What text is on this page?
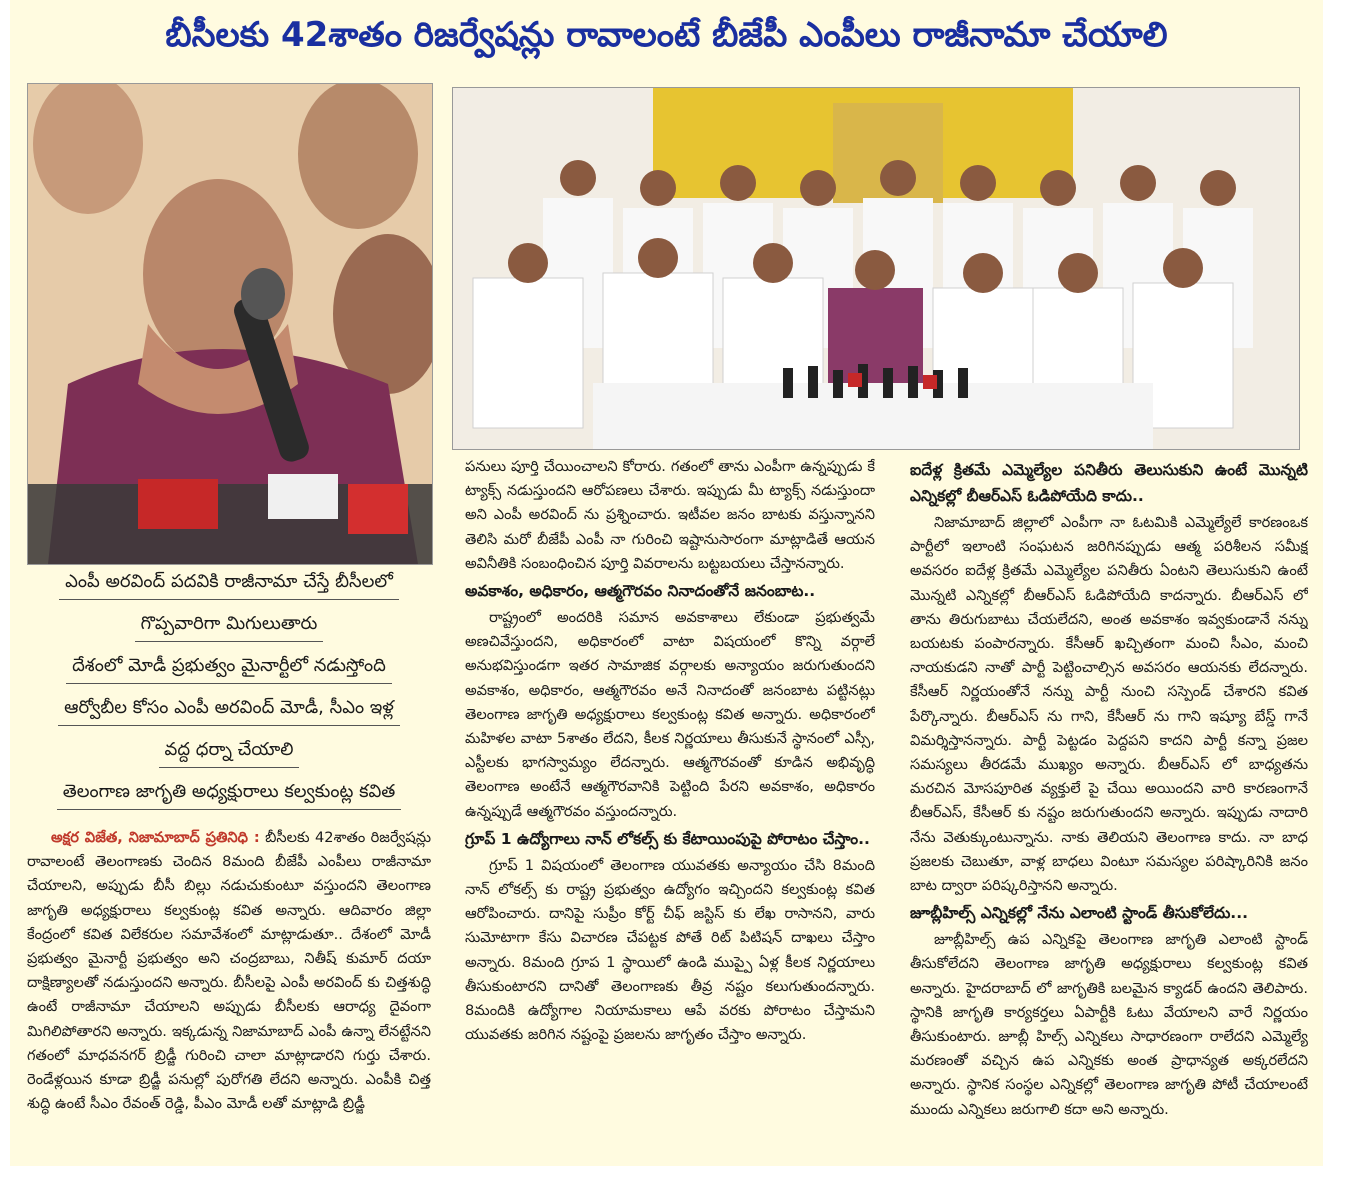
బీసీలకు 42శాతం రిజర్వేషన్లు రావాలంటే బీజేపీ ఎంపీలు రాజీనామా చేయాలి
ఎంపీ అరవింద్ పదవికి రాజీనామా చేస్తే బీసీలలో
గొప్పవారిగా మిగులుతారు
దేశంలో మోడీ ప్రభుత్వం మైనార్టీలో నడుస్తోంది
ఆర్వోబీల కోసం ఎంపీ అరవింద్ మోడీ, సీఎం ఇళ్ల
వద్ద ధర్నా చేయాలి
తెలంగాణ జాగృతి అధ్యక్షురాలు కల్వకుంట్ల కవిత

అక్షర విజేత, నిజామాబాద్ ప్రతినిధి : బీసీలకు 42శాతం రిజర్వేషన్లు రావాలంటే తెలంగాణకు చెందిన 8మంది బీజేపీ ఎంపీలు రాజీనామా చేయాలని, అప్పుడు బీసీ బిల్లు నడుచుకుంటూ వస్తుందని తెలంగాణ జాగృతి అధ్యక్షురాలు కల్వకుంట్ల కవిత అన్నారు. ఆదివారం జిల్లా కేంద్రంలో కవిత విలేకరుల సమావేశంలో మాట్లాడుతూ.. దేశంలో మోడీ ప్రభుత్వం మైనార్టీ ప్రభుత్వం అని చంద్రబాబు, నితీష్ కుమార్ దయా దాక్షిణ్యాలతో నడుస్తుందని అన్నారు. బీసీలపై ఎంపీ అరవింద్ కు చిత్తశుద్ధి ఉంటే రాజీనామా చేయాలని అప్పుడు బీసీలకు ఆరాధ్య దైవంగా మిగిలిపోతారని అన్నారు. ఇక్కడున్న నిజామాబాద్ ఎంపీ ఉన్నా లేనట్టేనని గతంలో మాధవనగర్ బ్రిడ్జీ గురించి చాలా మాట్లాడారని గుర్తు చేశారు. రెండేళ్లయిన కూడా బ్రిడ్జీ పనుల్లో పురోగతి లేదని అన్నారు. ఎంపీకి చిత్త శుద్ధి ఉంటే సీఎం రేవంత్ రెడ్డి, పీఎం మోడీ లతో మాట్లాడి బ్రిడ్జీ

పనులు పూర్తి చేయించాలని కోరారు. గతంలో తాను ఎంపీగా ఉన్నప్పుడు కే ట్యాక్స్ నడుస్తుందని ఆరోపణలు చేశారు. ఇప్పుడు మీ ట్యాక్స్ నడుస్తుందా అని ఎంపీ అరవింద్ ను ప్రశ్నించారు. ఇటీవల జనం బాటకు వస్తున్నానని తెలిసి మరో బీజేపీ ఎంపీ నా గురించి ఇష్టానుసారంగా మాట్లాడితే ఆయన అవినీతికి సంబంధించిన పూర్తి వివరాలను బట్టబయలు చేస్తానన్నారు.

అవకాశం, అధికారం, ఆత్మగౌరవం నినాదంతోనే జనంబాట..

రాష్ట్రంలో అందరికి సమాన అవకాశాలు లేకుండా ప్రభుత్వమే అణచివేస్తుందని, అధికారంలో వాటా విషయంలో కొన్ని వర్గాలే అనుభవిస్తుండగా ఇతర సామాజిక వర్గాలకు అన్యాయం జరుగుతుందని అవకాశం, అధికారం, ఆత్మగౌరవం అనే నినాదంతో జనంబాట పట్టినట్లు తెలంగాణ జాగృతి అధ్యక్షురాలు కల్వకుంట్ల కవిత అన్నారు. అధికారంలో మహిళల వాటా 5శాతం లేదని, కీలక నిర్ణయాలు తీసుకునే స్థానంలో ఎస్సీ, ఎస్టీలకు భాగస్వామ్యం లేదన్నారు. ఆత్మగౌరవంతో కూడిన అభివృద్ధి తెలంగాణ అంటేనే ఆత్మగౌరవానికి పెట్టింది పేరని అవకాశం, అధికారం ఉన్నప్పుడే ఆత్మగౌరవం వస్తుందన్నారు.

గ్రూప్ 1 ఉద్యోగాలు నాన్ లోకల్స్ కు కేటాయింపుపై పోరాటం చేస్తాం..

గ్రూప్ 1 విషయంలో తెలంగాణ యువతకు అన్యాయం చేసి 8మంది నాన్ లోకల్స్ కు రాష్ట్ర ప్రభుత్వం ఉద్యోగం ఇచ్చిందని కల్వకుంట్ల కవిత ఆరోపించారు. దానిపై సుప్రీం కోర్ట్ చీఫ్ జస్టిస్ కు లేఖ రాసానని, వారు సుమోటాగా కేసు విచారణ చేపట్టక పోతే రిట్ పిటిషన్ దాఖలు చేస్తాం అన్నారు. 8మంది గ్రూప 1 స్థాయిలో ఉండి ముప్పై ఏళ్ల కీలక నిర్ణయాలు తీసుకుంటారని దానితో తెలంగాణకు తీవ్ర నష్టం కలుగుతుందన్నారు. 8మందికి ఉద్యోగాల నియామకాలు ఆపే వరకు పోరాటం చేస్తామని యువతకు జరిగిన నష్టంపై ప్రజలను జాగృతం చేస్తాం అన్నారు.

ఐదేళ్ల క్రితమే ఎమ్మెల్యేల పనితీరు తెలుసుకుని ఉంటే మొన్నటి ఎన్నికల్లో బీఆర్ఎస్ ఓడిపోయేది కాదు..

నిజామాబాద్ జిల్లాలో ఎంపీగా నా ఓటమికి ఎమ్మెల్యేలే కారణంఒక పార్టీలో ఇలాంటి సంఘటన జరిగినప్పుడు ఆత్మ పరిశీలన సమీక్ష అవసరం ఐదేళ్ల క్రితమే ఎమ్మెల్యేల పనితీరు ఏంటని తెలుసుకుని ఉంటే మొన్నటి ఎన్నికల్లో బీఆర్ఎస్ ఓడిపోయేది కాదన్నారు. బీఆర్ఎస్ లో తాను తిరుగుబాటు చేయలేదని, అంత అవకాశం ఇవ్వకుండానే నన్ను బయటకు పంపారన్నారు. కేసీఆర్ ఖచ్చితంగా మంచి సీఎం, మంచి నాయకుడని నాతో పార్టీ పెట్టించాల్సిన అవసరం ఆయనకు లేదన్నారు. కేసీఆర్ నిర్ణయంతోనే నన్ను పార్టీ నుంచి సస్పెండ్ చేశారని కవిత పేర్కొన్నారు. బీఆర్ఎస్ ను గాని, కేసీఆర్ ను గాని ఇష్యూ బేస్డ్ గానే విమర్శిస్తానన్నారు. పార్టీ పెట్టడం పెద్దపని కాదని పార్టీ కన్నా ప్రజల సమస్యలు తీరడమే ముఖ్యం అన్నారు. బీఆర్ఎస్ లో బాధ్యతను మరచిన మోసపూరిత వ్యక్తులే పై చేయి అయిందని వారి కారణంగానే బీఆర్ఎస్, కేసీఆర్ కు నష్టం జరుగుతుందని అన్నారు. ఇప్పుడు నాదారి నేను వెతుక్కుంటున్నాను. నాకు తెలియని తెలంగాణ కాదు. నా బాధ ప్రజలకు చెబుతూ, వాళ్ల బాధలు వింటూ సమస్యల పరిష్కారినికి జనం బాట ద్వారా పరిష్కరిస్తానని అన్నారు.

జూబ్లీహిల్స్ ఎన్నికల్లో నేను ఎలాంటి స్టాండ్ తీసుకోలేదు...

జూబ్లీహిల్స్ ఉప ఎన్నికపై తెలంగాణ జాగృతి ఎలాంటి స్టాండ్ తీసుకోలేదని తెలంగాణ జాగృతి అధ్యక్షురాలు కల్వకుంట్ల కవిత అన్నారు. హైదరాబాద్ లో జాగృతికి బలమైన క్యాడర్ ఉందని తెలిపారు. స్థానికి జాగృతి కార్యకర్తలు ఏపార్టీకి ఓటు వేయాలని వారే నిర్ణయం తీసుకుంటారు. జూబ్లీ హిల్స్ ఎన్నికలు సాధారణంగా రాలేదని ఎమ్మెల్యే మరణంతో వచ్చిన ఉప ఎన్నికకు అంత ప్రాధాన్యత అక్కరలేదని అన్నారు. స్థానిక సంస్థల ఎన్నికల్లో తెలంగాణ జాగృతి పోటీ చేయాలంటే ముందు ఎన్నికలు జరుగాలి కదా అని అన్నారు.
